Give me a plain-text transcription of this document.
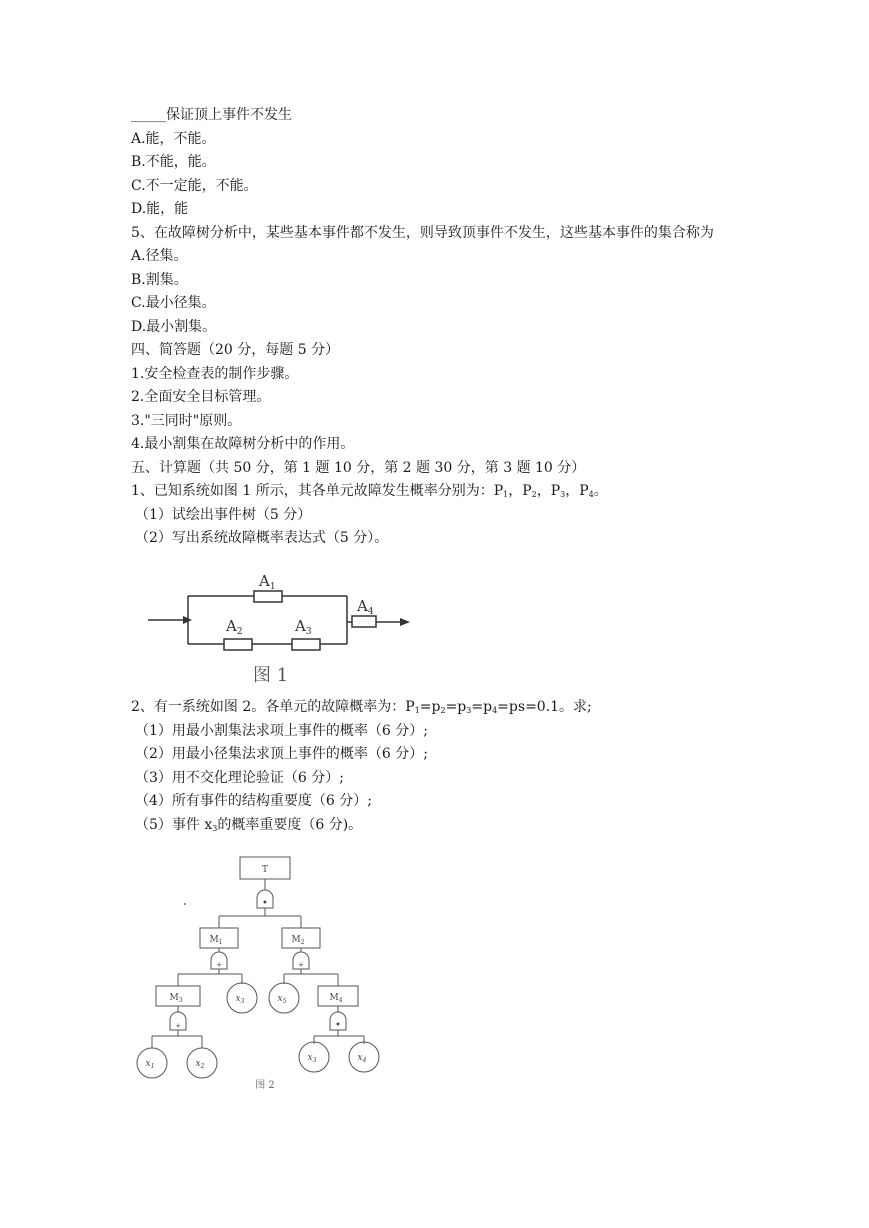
_____保证顶上事件不发生
A.能，不能。
B.不能，能。
C.不一定能，不能。
D.能，能
5、在故障树分析中，某些基本事件都不发生，则导致顶事件不发生，这些基本事件的集合称为
A.径集。
B.割集。
C.最小径集。
D.最小割集。
四、简答题（20 分，每题 5 分）
1.安全检查表的制作步骤。
2.全面安全目标管理。
3."三同时"原则。
4.最小割集在故障树分析中的作用。
五、计算题（共 50 分，第 1 题 10 分，第 2 题 30 分，第 3 题 10 分）
1、已知系统如图 1 所示，其各单元故障发生概率分别为：$P_1$，$P_2$，$P_3$，$P_4$。
（1）试绘出事件树（5 分）
（2）写出系统故障概率表达式（5 分）。
$A_1$
$A_2$	$A_3$
$A_4$
图 1
2、有一系统如图 2。各单元的故障概率为：$P_1=p_2=p_3=p_4=ps=0.1$。求;
（1）用最小割集法求项上事件的概率（6 分）;
（2）用最小径集法求顶上事件的概率（6 分）;
（3）用不交化理论验证（6 分）;
（4）所有事件的结构重要度（6 分）;
（5）事件 $x_3$的概率重要度（6 分)。
T
$M_1$	$M_2$
$M_3$	$M_4$
•
+	+
+	•
$x_3$	$x_5$
$x_1$	$x_2$
$x_3$	$x_4$
图 2
